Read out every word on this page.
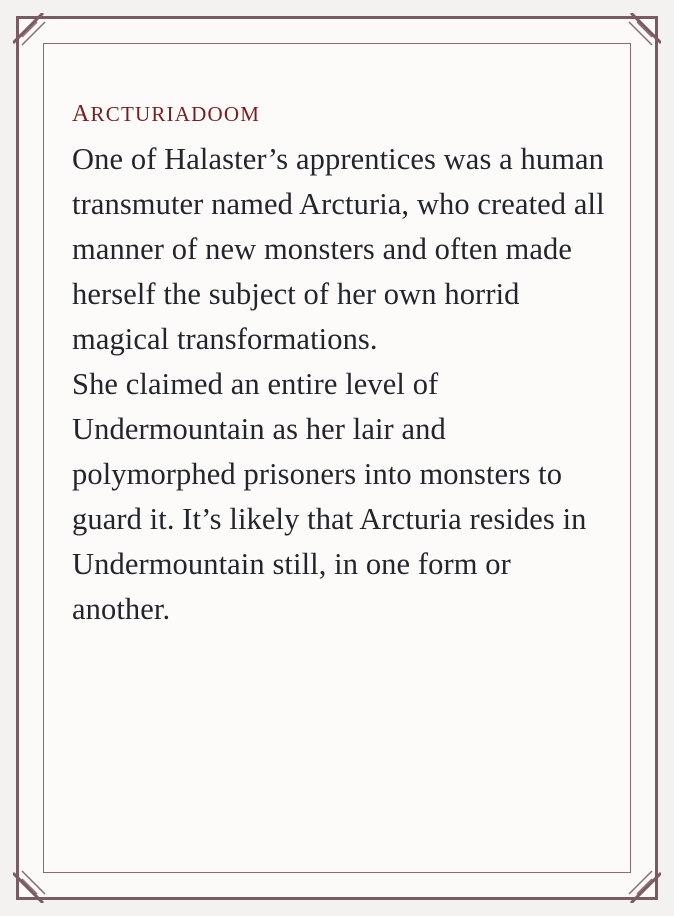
arcturiadoom

One of Halaster’s apprentices was a human transmuter named Arcturia, who created all manner of new monsters and often made herself the subject of her own horrid magical transformations.

She claimed an entire level of Undermountain as her lair and polymorphed prisoners into monsters to guard it. It’s likely that Arcturia resides in Undermountain still, in one form or another.
